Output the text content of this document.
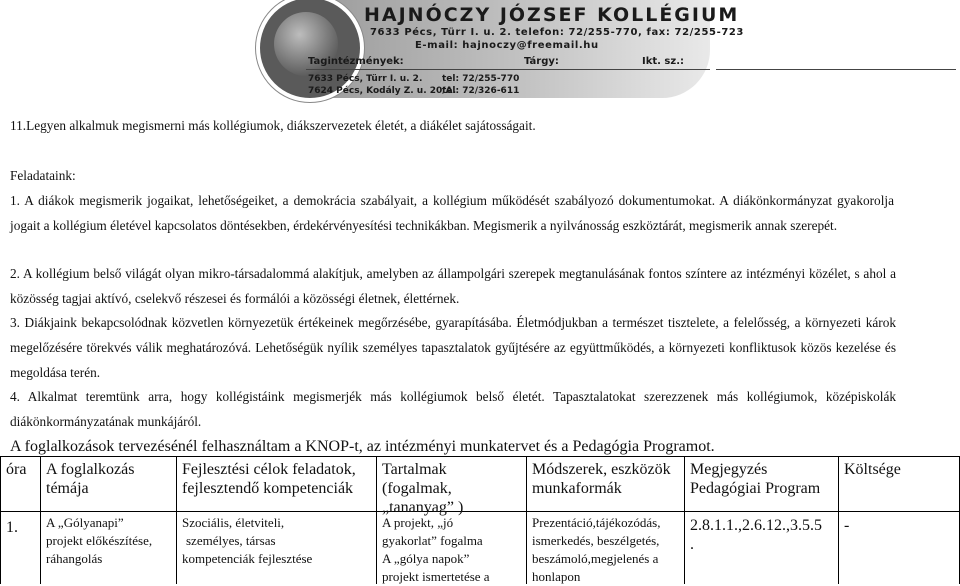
HAJNÓCZY JÓZSEF KOLLÉGIUM
7633 Pécs, Türr I. u. 2. telefon: 72/255-770, fax: 72/255-723
E-mail: hajnoczy@freemail.hu
Tagintézmények:	Tárgy:	Ikt. sz.:
7633 Pécs, Türr I. u. 2. tel: 72/255-770
7624 Pécs, Kodály Z. u. 20/A.
tel: 72/326-611
11.Legyen alkalmuk megismerni más kollégiumok, diákszervezetek életét, a diákélet sajátosságait.
Feladataink:
1. A diákok megismerik jogaikat, lehetőségeiket, a demokrácia szabályait, a kollégium működését szabályozó dokumentumokat. A diákönkormányzat gyakorolja jogait a kollégium életével kapcsolatos döntésekben, érdekérvényesítési technikákban. Megismerik a nyilvánosság eszköztárát, megismerik annak szerepét.
2. A kollégium belső világát olyan mikro-társadalommá alakítjuk, amelyben az állampolgári szerepek megtanulásának fontos színtere az intézményi közélet, s ahol a közösség tagjai aktívó, cselekvő részesei és formálói a közösségi életnek, élettérnek.
3. Diákjaink bekapcsolódnak közvetlen környezetük értékeinek megőrzésébe, gyarapításába. Életmódjukban a természet tisztelete, a felelősség, a környezeti károk megelőzésére törekvés válik meghatározóvá. Lehetőségük nyílik személyes tapasztalatok gyűjtésére az együttműködés, a környezeti konfliktusok közös kezelése és megoldása terén.
4. Alkalmat teremtünk arra, hogy kollégistáink megismerjék más kollégiumok belső életét. Tapasztalatokat szerezzenek más kollégiumok, középiskolák diákönkormányzatának munkájáról.
A foglalkozások tervezésénél felhasználtam a KNOP-t, az intézményi munkatervet és a Pedagógia Programot.
óra A foglalkozás
témája
Fejlesztési célok feladatok,
fejlesztendő kompetenciák
Tartalmak
(fogalmak,
„tananyag” )
Módszerek, eszközök
munkaformák
Megjegyzés
Pedagógiai Program
Költsége
1. A „Gólyanapi”
projekt előkészítése,
ráhangolás
Szociális, életviteli,
személyes, társas
kompetenciák fejlesztése
A projekt, „jó
gyakorlat” fogalma
A „gólya napok”
projekt ismertetése a
Prezentáció,tájékozódás,
ismerkedés, beszélgetés,
beszámoló,megjelenés a
honlapon
2.8.1.1.,2.6.12.,3.5.5
.
-
